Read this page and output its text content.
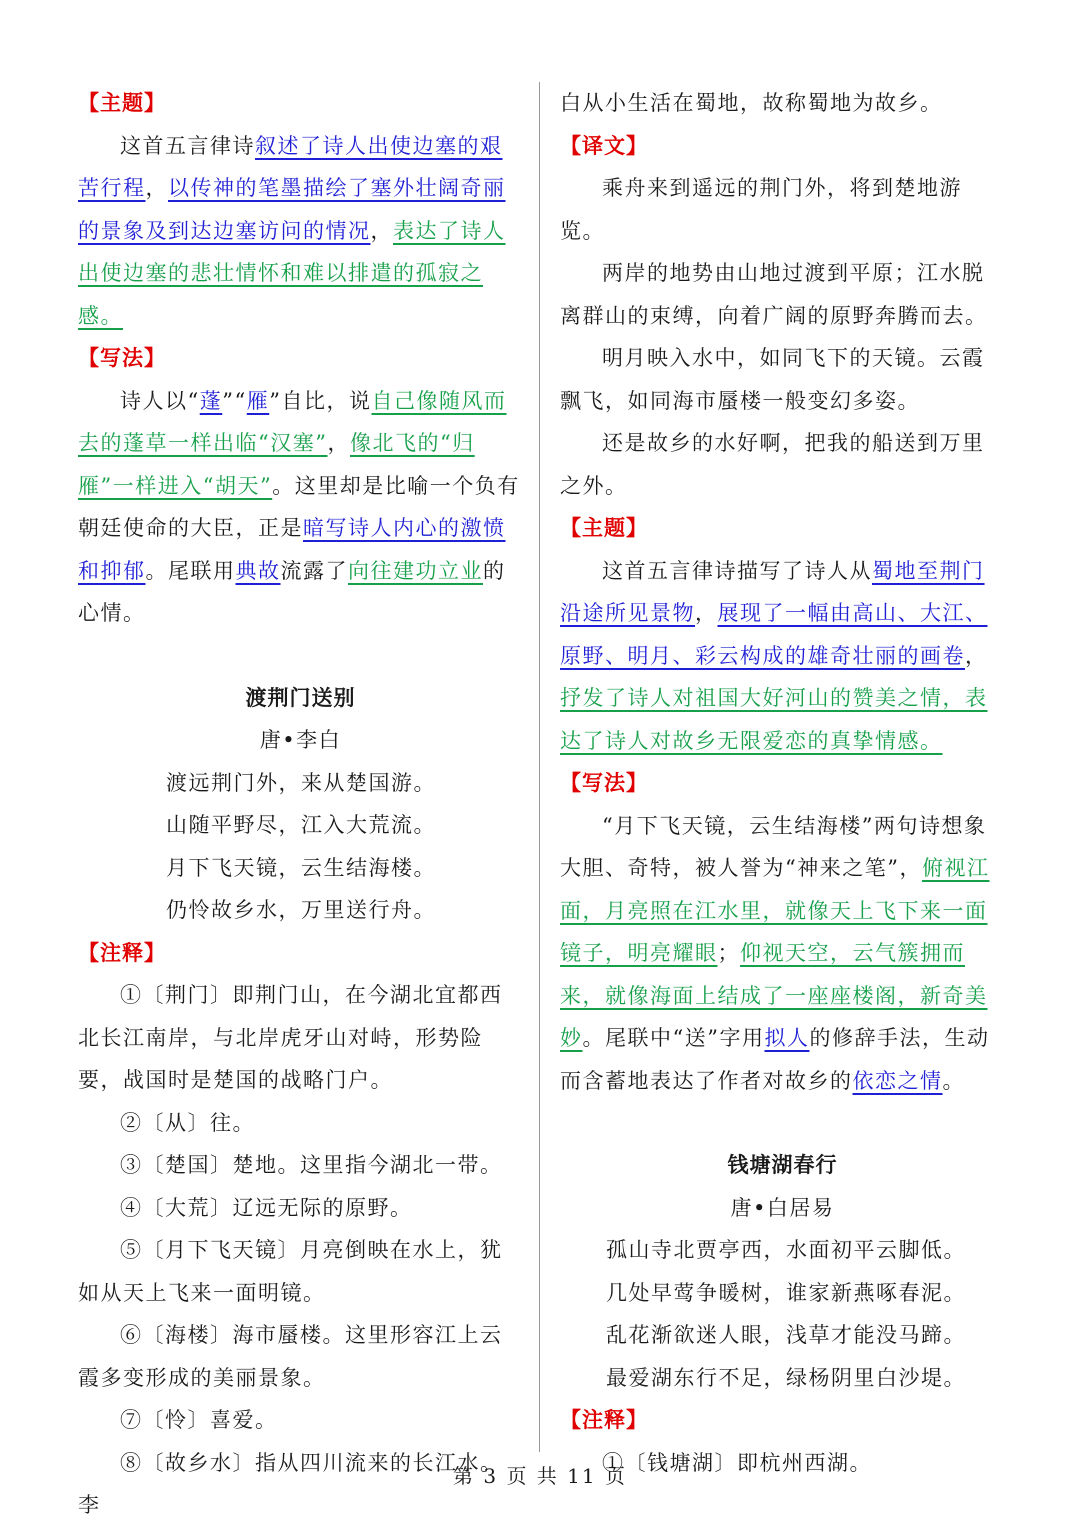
【主题】

这首五言律诗叙述了诗人出使边塞的艰苦行程，以传神的笔墨描绘了塞外壮阔奇丽的景象及到达边塞访问的情况，表达了诗人出使边塞的悲壮情怀和难以排遣的孤寂之感。

【写法】

诗人以“蓬”“雁”自比，说自己像随风而去的蓬草一样出临“汉塞”，像北飞的“归雁”一样进入“胡天”。这里却是比喻一个负有朝廷使命的大臣，正是暗写诗人内心的激愤和抑郁。尾联用典故流露了向往建功立业的心情。

渡荆门送别

唐•李白

渡远荆门外，来从楚国游。

山随平野尽，江入大荒流。

月下飞天镜，云生结海楼。

仍怜故乡水，万里送行舟。

【注释】

①〔荆门〕即荆门山，在今湖北宜都西北长江南岸，与北岸虎牙山对峙，形势险要，战国时是楚国的战略门户。

②〔从〕往。

③〔楚国〕楚地。这里指今湖北一带。

④〔大荒〕辽远无际的原野。

⑤〔月下飞天镜〕月亮倒映在水上，犹如从天上飞来一面明镜。

⑥〔海楼〕海市蜃楼。这里形容江上云霞多变形成的美丽景象。

⑦〔怜〕喜爱。

⑧〔故乡水〕指从四川流来的长江水。李

白从小生活在蜀地，故称蜀地为故乡。

【译文】

乘舟来到遥远的荆门外，将到楚地游览。

两岸的地势由山地过渡到平原；江水脱离群山的束缚，向着广阔的原野奔腾而去。

明月映入水中，如同飞下的天镜。云霞飘飞，如同海市蜃楼一般变幻多姿。

还是故乡的水好啊，把我的船送到万里之外。

【主题】

这首五言律诗描写了诗人从蜀地至荆门沿途所见景物，展现了一幅由高山、大江、原野、明月、彩云构成的雄奇壮丽的画卷，抒发了诗人对祖国大好河山的赞美之情，表达了诗人对故乡无限爱恋的真挚情感。

【写法】

“月下飞天镜，云生结海楼”两句诗想象大胆、奇特，被人誉为“神来之笔”，俯视江面，月亮照在江水里，就像天上飞下来一面镜子，明亮耀眼；仰视天空，云气簇拥而来，就像海面上结成了一座座楼阁，新奇美妙。尾联中“送”字用拟人的修辞手法，生动而含蓄地表达了作者对故乡的依恋之情。

钱塘湖春行

唐•白居易

孤山寺北贾亭西，水面初平云脚低。

几处早莺争暖树，谁家新燕啄春泥。

乱花渐欲迷人眼，浅草才能没马蹄。

最爱湖东行不足，绿杨阴里白沙堤。

【注释】

①〔钱塘湖〕即杭州西湖。

第 3 页 共 11 页
